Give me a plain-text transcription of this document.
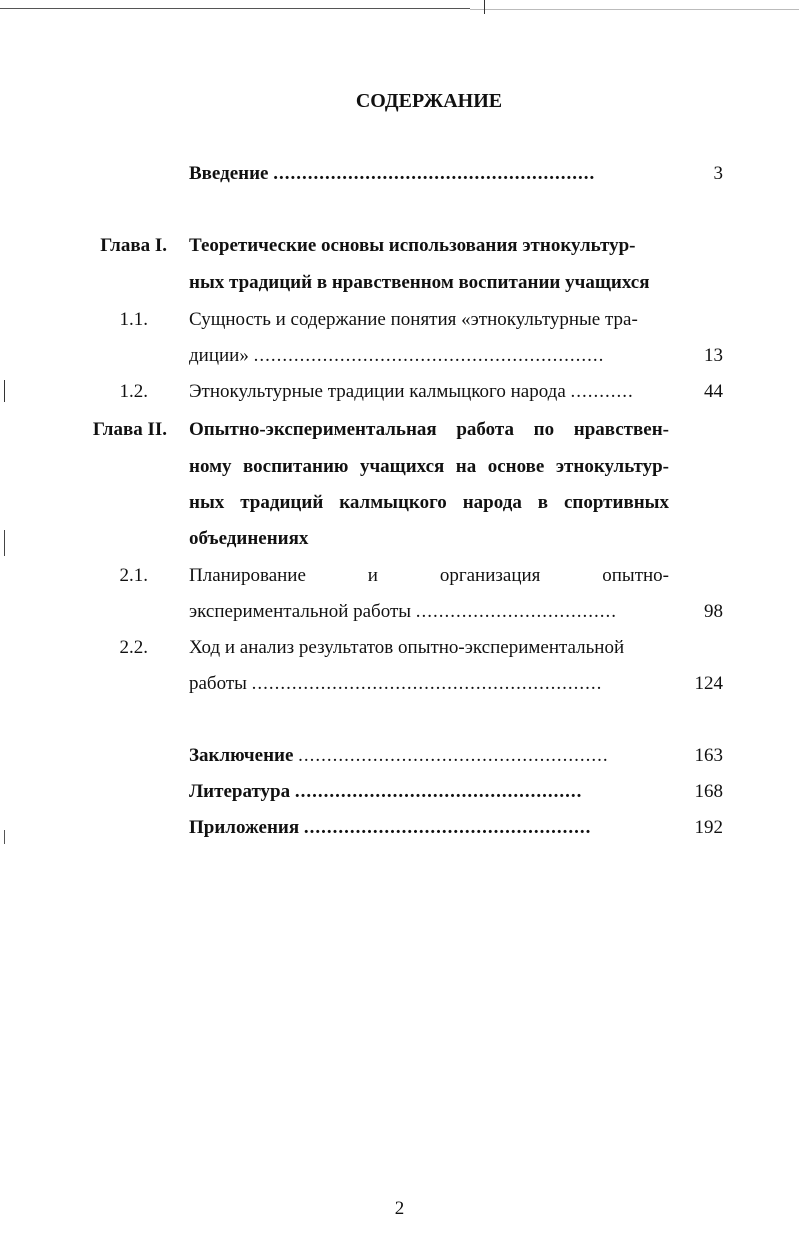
СОДЕРЖАНИЕ
Введение ........................................................	3
Глава I. Теоретические основы использования этнокультур-
ных традиций в нравственном воспитании учащихся
1.1. Сущность и содержание понятия «этнокультурные тра-
диции» .............................................................	13
1.2. Этнокультурные традиции калмыцкого народа ...........	44
Глава II. Опытно-экспериментальная работа по нравствен-
ному воспитанию учащихся на основе этнокультур-
ных традиций калмыцкого народа в спортивных
объединениях
2.1. Планирование и организация опытно-
экспериментальной работы ...................................	98
2.2. Ход и анализ результатов опытно-экспериментальной
работы .............................................................	124
Заключение ......................................................	163
Литература ..................................................	168
Приложения ..................................................	192
2
